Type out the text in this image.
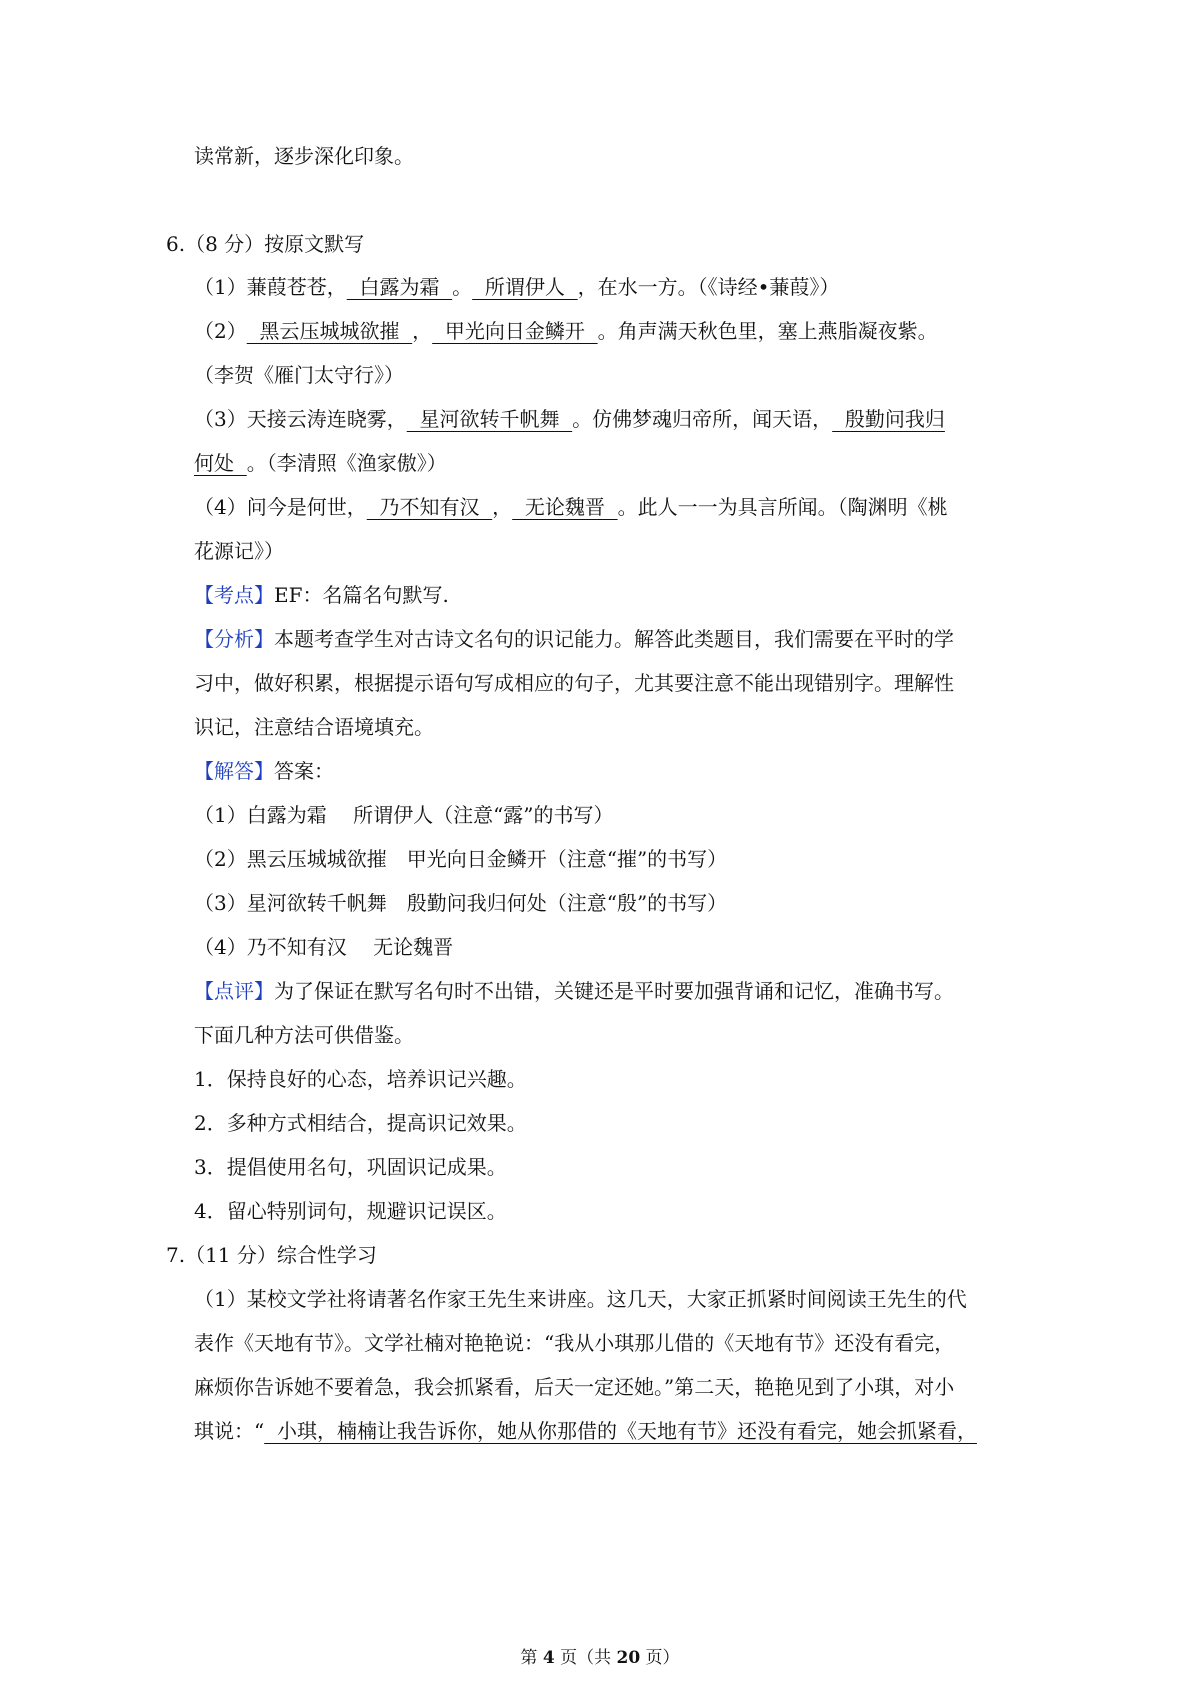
读常新，逐步深化印象。
6.（8 分）按原文默写
（1）蒹葭苍苍，  白露为霜  。  所谓伊人  ，在水一方。（《诗经•蒹葭》）
（2）  黑云压城城欲摧  ，  甲光向日金鳞开  。角声满天秋色里，塞上燕脂凝夜紫。
（李贺《雁门太守行》）
（3）天接云涛连晓雾，  星河欲转千帆舞  。仿佛梦魂归帝所，闻天语，  殷勤问我归
何处  。（李清照《渔家傲》）
（4）问今是何世，  乃不知有汉  ，  无论魏晋  。此人一一为具言所闻。（陶渊明《桃
花源记》）
【考点】EF：名篇名句默写.
【分析】本题考查学生对古诗文名句的识记能力。解答此类题目，我们需要在平时的学
习中，做好积累，根据提示语句写成相应的句子，尤其要注意不能出现错别字。理解性
识记，注意结合语境填充。
【解答】答案：
（1）白露为霜　 所谓伊人（注意“露”的书写）
（2）黑云压城城欲摧　甲光向日金鳞开（注意“摧”的书写）
（3）星河欲转千帆舞　殷勤问我归何处（注意“殷”的书写）
（4）乃不知有汉　 无论魏晋
【点评】为了保证在默写名句时不出错，关键还是平时要加强背诵和记忆，准确书写。
下面几种方法可供借鉴。
1．保持良好的心态，培养识记兴趣。
2．多种方式相结合，提高识记效果。
3．提倡使用名句，巩固识记成果。
4．留心特别词句，规避识记误区。
7.（11 分）综合性学习
（1）某校文学社将请著名作家王先生来讲座。这几天，大家正抓紧时间阅读王先生的代
表作《天地有节》。文学社楠对艳艳说：“我从小琪那儿借的《天地有节》还没有看完，
麻烦你告诉她不要着急，我会抓紧看，后天一定还她。”第二天，艳艳见到了小琪，对小
琪说：“  小琪，楠楠让我告诉你，她从你那借的《天地有节》还没有看完，她会抓紧看，
第 4 页（共 20 页）
